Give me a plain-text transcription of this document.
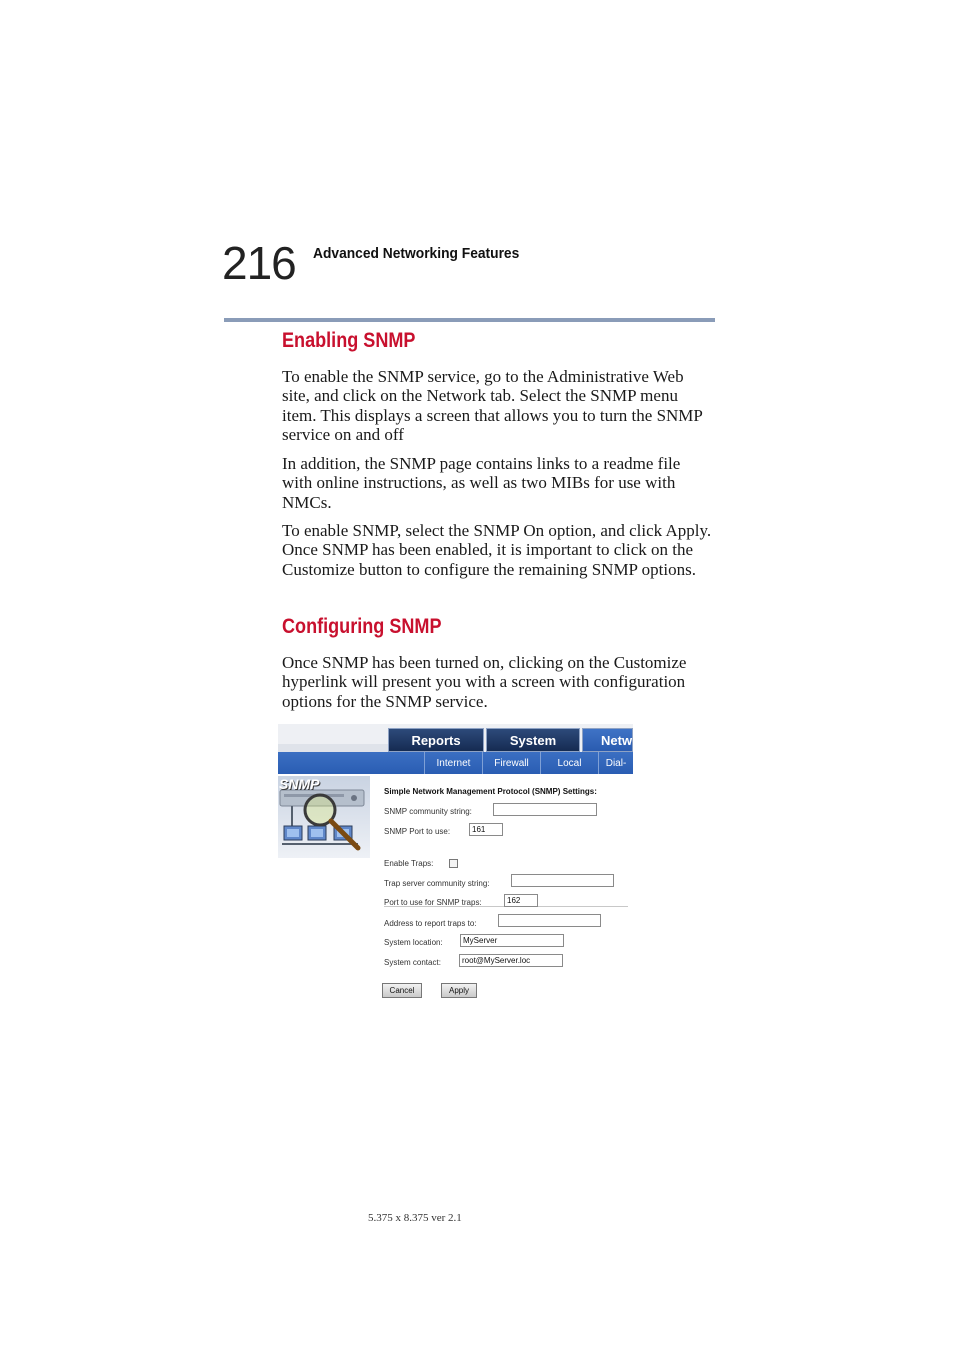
216 Advanced Networking Features
Enabling SNMP

To enable the SNMP service, go to the Administrative Web site, and click on the Network tab. Select the SNMP menu item. This displays a screen that allows you to turn the SNMP service on and off

In addition, the SNMP page contains links to a readme file with online instructions, as well as two MIBs for use with NMCs.

To enable SNMP, select the SNMP On option, and click Apply. Once SNMP has been enabled, it is important to click on the Customize button to configure the remaining SNMP options.

Configuring SNMP

Once SNMP has been turned on, clicking on the Customize hyperlink will present you with a screen with configuration options for the SNMP service.

Reports	System	Netw
Internet	Firewall	Local	Dial-
SNMP	Simple Network Management Protocol (SNMP) Settings:
SNMP community string:
SNMP Port to use:	161
Enable Traps:
Trap server community string:
Port to use for SNMP traps:	162
Address to report traps to:
System location:	MyServer
System contact:	root@MyServer.loc
Cancel	Apply
5.375 x 8.375 ver 2.1
